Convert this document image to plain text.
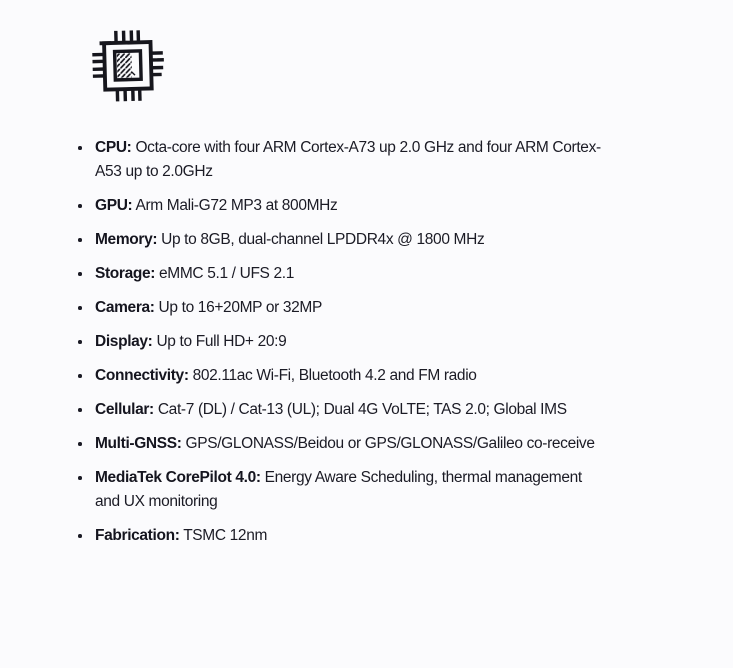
CPU: Octa-core with four ARM Cortex-A73 up 2.0 GHz and four ARM Cortex-A53 up to 2.0GHz
GPU: Arm Mali-G72 MP3 at 800MHz
Memory: Up to 8GB, dual-channel LPDDR4x @ 1800 MHz
Storage: eMMC 5.1 / UFS 2.1
Camera: Up to 16+20MP or 32MP
Display: Up to Full HD+ 20:9
Connectivity: 802.11ac Wi-Fi, Bluetooth 4.2 and FM radio
Cellular: Cat-7 (DL) / Cat-13 (UL); Dual 4G VoLTE; TAS 2.0; Global IMS
Multi-GNSS: GPS/GLONASS/Beidou or GPS/GLONASS/Galileo co-receive
MediaTek CorePilot 4.0: Energy Aware Scheduling, thermal management and UX monitoring
Fabrication: TSMC 12nm
